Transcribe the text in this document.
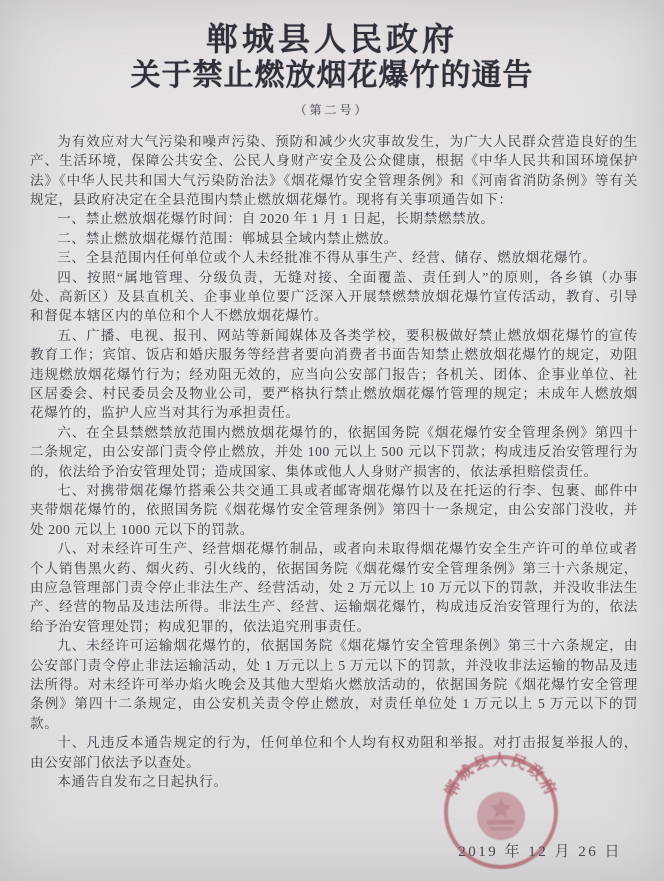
郸城县人民政府
关于禁止燃放烟花爆竹的通告
（第二号）

为有效应对大气污染和噪声污染、预防和减少火灾事故发生，为广大人民群众营造良好的生产、生活环境，保障公共安全、公民人身财产安全及公众健康，根据《中华人民共和国环境保护法》《中华人民共和国大气污染防治法》《烟花爆竹安全管理条例》和《河南省消防条例》等有关规定，县政府决定在全县范围内禁止燃放烟花爆竹。现将有关事项通告如下：

一、禁止燃放烟花爆竹时间：自 2020 年 1 月 1 日起，长期禁燃禁放。

二、禁止燃放烟花爆竹范围：郸城县全域内禁止燃放。

三、全县范围内任何单位或个人未经批准不得从事生产、经营、储存、燃放烟花爆竹。

四、按照“属地管理、分级负责，无缝对接、全面覆盖、责任到人”的原则，各乡镇（办事处、高新区）及县直机关、企事业单位要广泛深入开展禁燃禁放烟花爆竹宣传活动，教育、引导和督促本辖区内的单位和个人不燃放烟花爆竹。

五、广播、电视、报刊、网站等新闻媒体及各类学校，要积极做好禁止燃放烟花爆竹的宣传教育工作；宾馆、饭店和婚庆服务等经营者要向消费者书面告知禁止燃放烟花爆竹的规定，劝阻违规燃放烟花爆竹行为；经劝阻无效的，应当向公安部门报告；各机关、团体、企事业单位、社区居委会、村民委员会及物业公司，要严格执行禁止燃放烟花爆竹管理的规定；未成年人燃放烟花爆竹的，监护人应当对其行为承担责任。

六、在全县禁燃禁放范围内燃放烟花爆竹的，依据国务院《烟花爆竹安全管理条例》第四十二条规定，由公安部门责令停止燃放，并处 100 元以上 500 元以下罚款；构成违反治安管理行为的，依法给予治安管理处罚；造成国家、集体或他人人身财产损害的，依法承担赔偿责任。

七、对携带烟花爆竹搭乘公共交通工具或者邮寄烟花爆竹以及在托运的行李、包裹、邮件中夹带烟花爆竹的，依照国务院《烟花爆竹安全管理条例》第四十一条规定，由公安部门没收，并处 200 元以上 1000 元以下的罚款。

八、对未经许可生产、经营烟花爆竹制品，或者向未取得烟花爆竹安全生产许可的单位或者个人销售黑火药、烟火药、引火线的，依据国务院《烟花爆竹安全管理条例》第三十六条规定，由应急管理部门责令停止非法生产、经营活动，处 2 万元以上 10 万元以下的罚款，并没收非法生产、经营的物品及违法所得。非法生产、经营、运输烟花爆竹，构成违反治安管理行为的，依法给予治安管理处罚；构成犯罪的，依法追究刑事责任。

九、未经许可运输烟花爆竹的，依据国务院《烟花爆竹安全管理条例》第三十六条规定，由公安部门责令停止非法运输活动，处 1 万元以上 5 万元以下的罚款，并没收非法运输的物品及违法所得。对未经许可举办焰火晚会及其他大型焰火燃放活动的，依据国务院《烟花爆竹安全管理条例》第四十二条规定，由公安机关责令停止燃放，对责任单位处 1 万元以上 5 万元以下的罚款。

十、凡违反本通告规定的行为，任何单位和个人均有权劝阻和举报。对打击报复举报人的，由公安部门依法予以查处。

本通告自发布之日起执行。	郸城县人民政府
2019 年 12 月 26 日
